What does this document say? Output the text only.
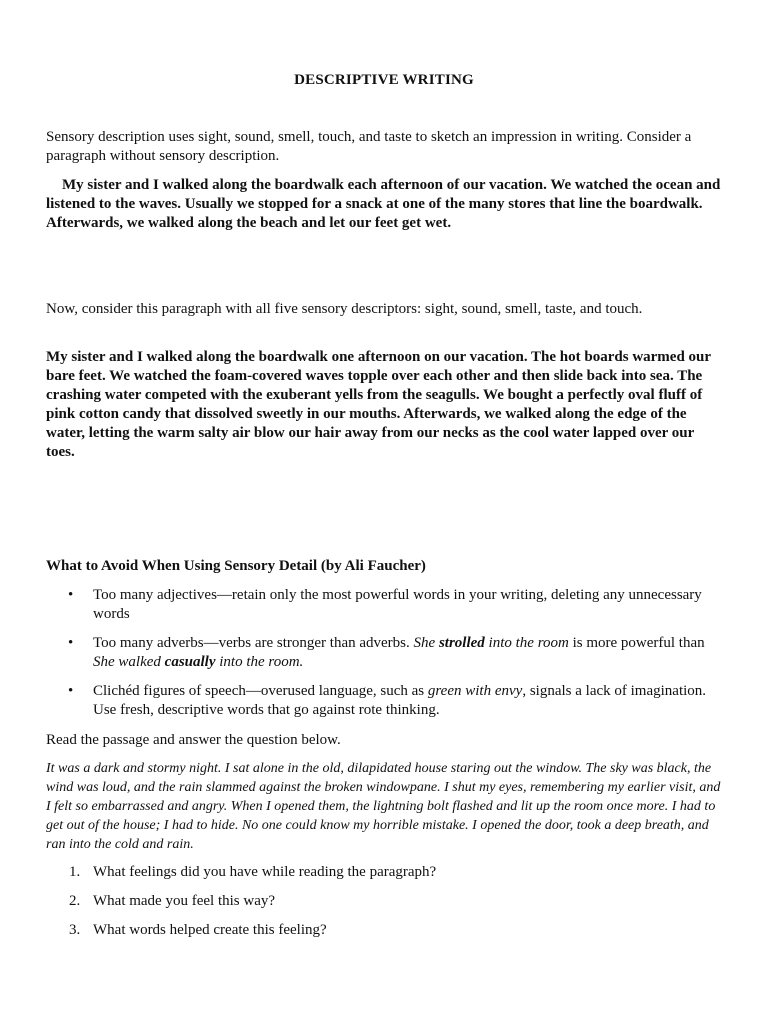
DESCRIPTIVE WRITING

Sensory description uses sight, sound, smell, touch, and taste to sketch an impression in writing. Consider a paragraph without sensory description.

My sister and I walked along the boardwalk each afternoon of our vacation. We watched the ocean and listened to the waves. Usually we stopped for a snack at one of the many stores that line the boardwalk. Afterwards, we walked along the beach and let our feet get wet.

Now, consider this paragraph with all five sensory descriptors: sight, sound, smell, taste, and touch.

My sister and I walked along the boardwalk one afternoon on our vacation. The hot boards warmed our bare feet. We watched the foam-covered waves topple over each other and then slide back into sea. The crashing water competed with the exuberant yells from the seagulls. We bought a perfectly oval fluff of pink cotton candy that dissolved sweetly in our mouths. Afterwards, we walked along the edge of the water, letting the warm salty air blow our hair away from our necks as the cool water lapped over our toes.

What to Avoid When Using Sensory Detail (by Ali Faucher)

• Too many adjectives—retain only the most powerful words in your writing, deleting any unnecessary words
• Too many adverbs—verbs are stronger than adverbs. She strolled into the room is more powerful than She walked casually into the room.
• Clichéd figures of speech—overused language, such as green with envy, signals a lack of imagination. Use fresh, descriptive words that go against rote thinking.

Read the passage and answer the question below.

It was a dark and stormy night. I sat alone in the old, dilapidated house staring out the window. The sky was black, the wind was loud, and the rain slammed against the broken windowpane. I shut my eyes, remembering my earlier visit, and I felt so embarrassed and angry. When I opened them, the lightning bolt flashed and lit up the room once more. I had to get out of the house; I had to hide. No one could know my horrible mistake. I opened the door, took a deep breath, and ran into the cold and rain.

1. What feelings did you have while reading the paragraph?
2. What made you feel this way?
3. What words helped create this feeling?
